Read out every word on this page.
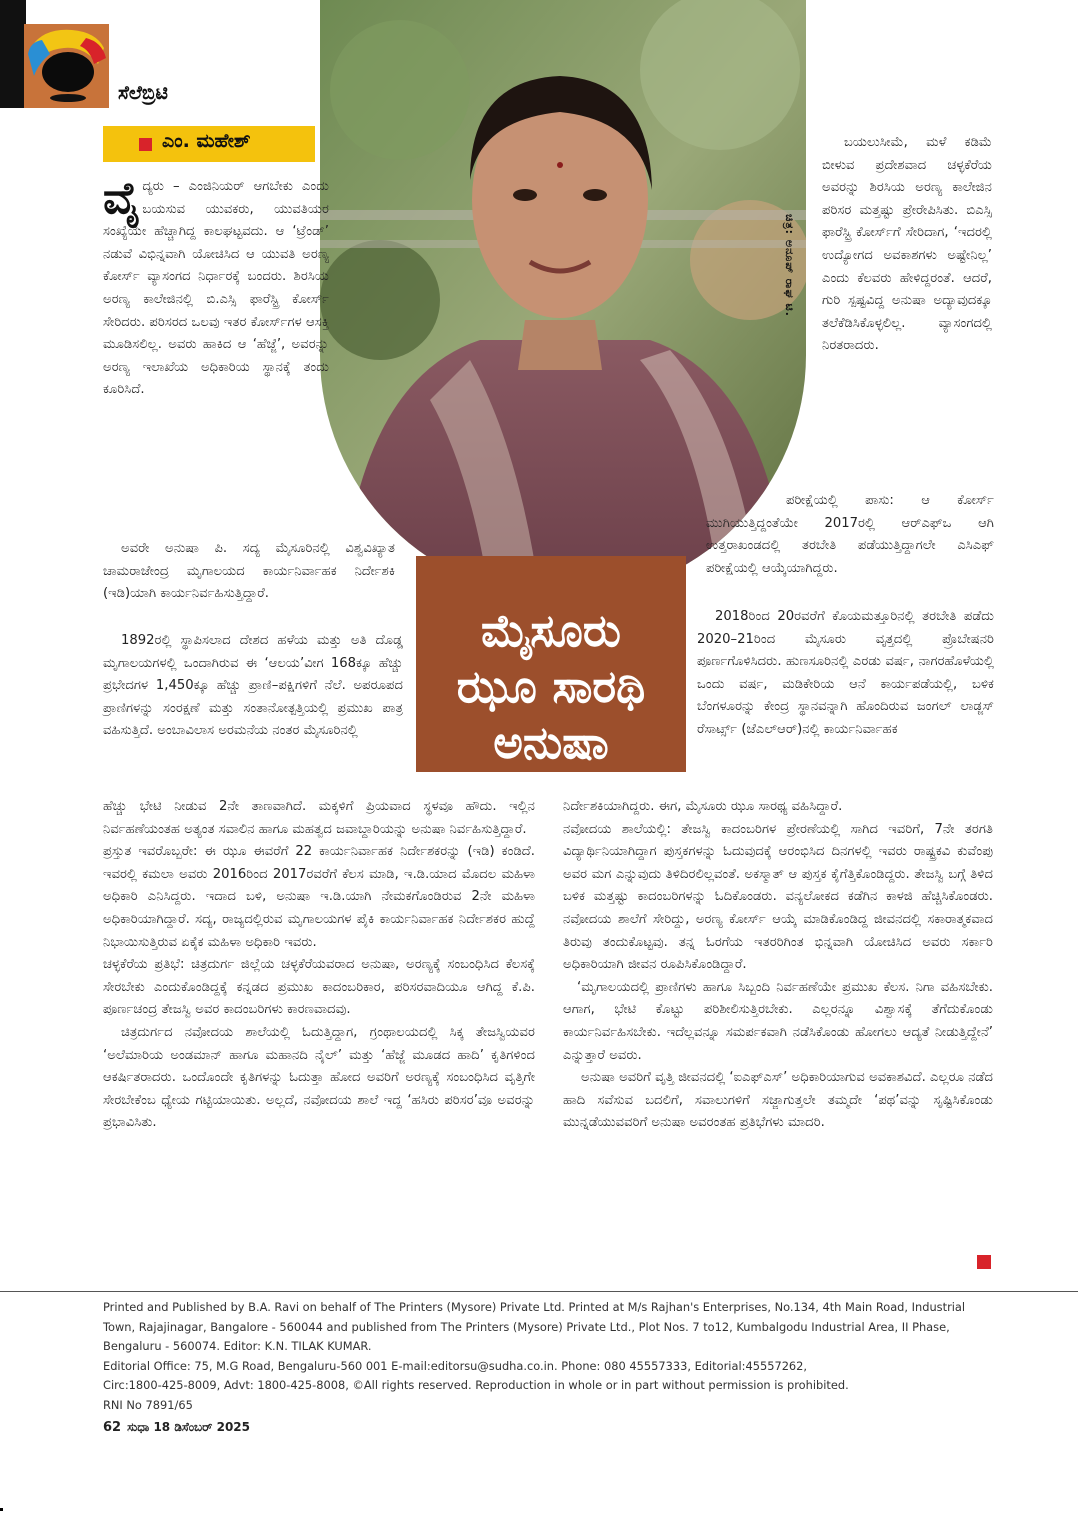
ಸೆಲೆಬ್ರಿಟಿ
ಎಂ. ಮಹೇಶ್
ಚಿತ್ರ: ಅನೂಪ್ ರಾಘ ಟಿ.
ಮೈಸೂರು
ಝೂ ಸಾರಥಿ
ಅನುಷಾ

ವೈದ್ಯರು – ಎಂಜಿನಿಯರ್ ಆಗಬೇಕು ಎಂದು ಬಯಸುವ ಯುವಕರು, ಯುವತಿಯರ ಸಂಖ್ಯೆಯೇ ಹೆಚ್ಚಾಗಿದ್ದ ಕಾಲಘಟ್ಟವದು. ಆ ‘ಟ್ರೆಂಡ್’ ನಡುವೆ ವಿಭಿನ್ನವಾಗಿ ಯೋಚಿಸಿದ ಆ ಯುವತಿ ಅರಣ್ಯ ಕೋರ್ಸ್ ವ್ಯಾಸಂಗದ ನಿರ್ಧಾರಕ್ಕೆ ಬಂದರು. ಶಿರಸಿಯ ಅರಣ್ಯ ಕಾಲೇಜಿನಲ್ಲಿ ಬಿ.ಎಸ್ಸಿ ಫಾರೆಸ್ಟ್ರಿ ಕೋರ್ಸ್ ಸೇರಿದರು. ಪರಿಸರದ ಒಲವು ಇತರ ಕೋರ್ಸ್‌ಗಳ ಆಸಕ್ತಿ ಮೂಡಿಸಲಿಲ್ಲ. ಅವರು ಹಾಕಿದ ಆ ‘ಹೆಜ್ಜೆ’, ಅವರನ್ನು ಅರಣ್ಯ ಇಲಾಖೆಯ ಅಧಿಕಾರಿಯ ಸ್ಥಾನಕ್ಕೆ ತಂದು ಕೂರಿಸಿದೆ.

ಅವರೇ ಅನುಷಾ ಪಿ. ಸದ್ಯ ಮೈಸೂರಿನಲ್ಲಿ ವಿಶ್ವವಿಖ್ಯಾತ ಚಾಮರಾಜೇಂದ್ರ ಮೃಗಾಲಯದ ಕಾರ್ಯನಿರ್ವಾಹಕ ನಿರ್ದೇಶಕಿ (ಇಡಿ)ಯಾಗಿ ಕಾರ್ಯನಿರ್ವಹಿಸುತ್ತಿದ್ದಾರೆ.

1892ರಲ್ಲಿ ಸ್ಥಾಪಿಸಲಾದ ದೇಶದ ಹಳೆಯ ಮತ್ತು ಅತಿ ದೊಡ್ಡ ಮೃಗಾಲಯಗಳಲ್ಲಿ ಒಂದಾಗಿರುವ ಈ ‘ಆಲಯ’ವೀಗ 168ಕ್ಕೂ ಹೆಚ್ಚು ಪ್ರಭೇದಗಳ 1,450ಕ್ಕೂ ಹೆಚ್ಚು ಪ್ರಾಣಿ–ಪಕ್ಷಿಗಳಿಗೆ ನೆಲೆ. ಅಪರೂಪದ ಪ್ರಾಣಿಗಳನ್ನು ಸಂರಕ್ಷಣೆ ಮತ್ತು ಸಂತಾನೋತ್ಪತ್ತಿಯಲ್ಲಿ ಪ್ರಮುಖ ಪಾತ್ರ ವಹಿಸುತ್ತಿದೆ. ಅಂಬಾವಿಲಾಸ ಅರಮನೆಯ ನಂತರ ಮೈಸೂರಿನಲ್ಲಿ

ಹೆಚ್ಚು ಭೇಟಿ ನೀಡುವ 2ನೇ ತಾಣವಾಗಿದೆ. ಮಕ್ಕಳಿಗೆ ಪ್ರಿಯವಾದ ಸ್ಥಳವೂ ಹೌದು. ಇಲ್ಲಿನ ನಿರ್ವಹಣೆಯಂತಹ ಅತ್ಯಂತ ಸವಾಲಿನ ಹಾಗೂ ಮಹತ್ವದ ಜವಾಬ್ದಾರಿಯನ್ನು ಅನುಷಾ ನಿರ್ವಹಿಸುತ್ತಿದ್ದಾರೆ.

ಪ್ರಸ್ತುತ ಇವರೊಬ್ಬರೇ: ಈ ಝೂ ಈವರೆಗೆ 22 ಕಾರ್ಯನಿರ್ವಾಹಕ ನಿರ್ದೇಶಕರನ್ನು (ಇಡಿ) ಕಂಡಿದೆ. ಇವರಲ್ಲಿ ಕಮಲಾ ಅವರು 2016ರಿಂದ 2017ರವರೆಗೆ ಕೆಲಸ ಮಾಡಿ, ಇ.ಡಿ.ಯಾದ ಮೊದಲ ಮಹಿಳಾ ಅಧಿಕಾರಿ ಎನಿಸಿದ್ದರು. ಇದಾದ ಬಳಿ, ಅನುಷಾ ಇ.ಡಿ.ಯಾಗಿ ನೇಮಕಗೊಂಡಿರುವ 2ನೇ ಮಹಿಳಾ ಅಧಿಕಾರಿಯಾಗಿದ್ದಾರೆ. ಸದ್ಯ, ರಾಜ್ಯದಲ್ಲಿರುವ ಮೃಗಾಲಯಗಳ ಪೈಕಿ ಕಾರ್ಯನಿರ್ವಾಹಕ ನಿರ್ದೇಶಕರ ಹುದ್ದೆ ನಿಭಾಯಿಸುತ್ತಿರುವ ಏಕೈಕ ಮಹಿಳಾ ಅಧಿಕಾರಿ ಇವರು.

ಚಳ್ಳಕೆರೆಯ ಪ್ರತಿಭೆ: ಚಿತ್ರದುರ್ಗ ಜಿಲ್ಲೆಯ ಚಳ್ಳಕೆರೆಯವರಾದ ಅನುಷಾ, ಅರಣ್ಯಕ್ಕೆ ಸಂಬಂಧಿಸಿದ ಕೆಲಸಕ್ಕೆ ಸೇರಬೇಕು ಎಂದುಕೊಂಡಿದ್ದಕ್ಕೆ ಕನ್ನಡದ ಪ್ರಮುಖ ಕಾದಂಬರಿಕಾರ, ಪರಿಸರವಾದಿಯೂ ಆಗಿದ್ದ ಕೆ.ಪಿ. ಪೂರ್ಣಚಂದ್ರ ತೇಜಸ್ವಿ ಅವರ ಕಾದಂಬರಿಗಳು ಕಾರಣವಾದವು.

ಚಿತ್ರದುರ್ಗದ ನವೋದಯ ಶಾಲೆಯಲ್ಲಿ ಓದುತ್ತಿದ್ದಾಗ, ಗ್ರಂಥಾಲಯದಲ್ಲಿ ಸಿಕ್ಕ ತೇಜಸ್ವಿಯವರ ‘ಅಲೆಮಾರಿಯ ಅಂಡಮಾನ್ ಹಾಗೂ ಮಹಾನದಿ ನೈಲ್’ ಮತ್ತು ‘ಹೆಜ್ಜೆ ಮೂಡದ ಹಾದಿ’ ಕೃತಿಗಳಿಂದ ಆಕರ್ಷಿತರಾದರು. ಒಂದೊಂದೇ ಕೃತಿಗಳನ್ನು ಓದುತ್ತಾ ಹೋದ ಅವರಿಗೆ ಅರಣ್ಯಕ್ಕೆ ಸಂಬಂಧಿಸಿದ ವೃತ್ತಿಗೇ ಸೇರಬೇಕೆಂಬ ಧ್ಯೇಯ ಗಟ್ಟಿಯಾಯಿತು. ಅಲ್ಲದೆ, ನವೋದಯ ಶಾಲೆ ಇದ್ದ ‘ಹಸಿರು ಪರಿಸರ’ವೂ ಅವರನ್ನು ಪ್ರಭಾವಿಸಿತು.

ಬಯಲುಸೀಮೆ, ಮಳೆ ಕಡಿಮೆ ಬೀಳುವ ಪ್ರದೇಶವಾದ ಚಳ್ಳಕೆರೆಯ ಅವರನ್ನು ಶಿರಸಿಯ ಅರಣ್ಯ ಕಾಲೇಜಿನ ಪರಿಸರ ಮತ್ತಷ್ಟು ಪ್ರೇರೇಪಿಸಿತು. ಬಿಎಸ್ಸಿ ಫಾರೆಸ್ಟ್ರಿ ಕೋರ್ಸ್‌ಗೆ ಸೇರಿದಾಗ, ‘ಇದರಲ್ಲಿ ಉದ್ಯೋಗದ ಅವಕಾಶಗಳು ಅಷ್ಟೇನಿಲ್ಲ’ ಎಂದು ಕೆಲವರು ಹೇಳಿದ್ದರಂತೆ. ಆದರೆ, ಗುರಿ ಸ್ಪಷ್ಟವಿದ್ದ ಅನುಷಾ ಅದ್ಯಾವುದಕ್ಕೂ ತಲೆಕೆಡಿಸಿಕೊಳ್ಳಲಿಲ್ಲ. ವ್ಯಾಸಂಗದಲ್ಲಿ ನಿರತರಾದರು.

ಪರೀಕ್ಷೆಯಲ್ಲಿ ಪಾಸು: ಆ ಕೋರ್ಸ್ ಮುಗಿಯುತ್ತಿದ್ದಂತೆಯೇ 2017ರಲ್ಲಿ ಆರ್‌ಎಫ್‌ಒ ಆಗಿ ಉತ್ತರಾಖಂಡದಲ್ಲಿ ತರಬೇತಿ ಪಡೆಯುತ್ತಿದ್ದಾಗಲೇ ಎಸಿಎಫ್ ಪರೀಕ್ಷೆಯಲ್ಲಿ ಆಯ್ಕೆಯಾಗಿದ್ದರು.

2018ರಿಂದ 20ರವರೆಗೆ ಕೊಯಮತ್ತೂರಿನಲ್ಲಿ ತರಬೇತಿ ಪಡೆದು 2020–21ರಿಂದ ಮೈಸೂರು ವೃತ್ತದಲ್ಲಿ ಪ್ರೊಬೇಷನರಿ ಪೂರ್ಣಗೊಳಿಸಿದರು. ಹುಣಸೂರಿನಲ್ಲಿ ಎರಡು ವರ್ಷ, ನಾಗರಹೊಳೆಯಲ್ಲಿ ಒಂದು ವರ್ಷ, ಮಡಿಕೇರಿಯ ಆನೆ ಕಾರ್ಯಪಡೆಯಲ್ಲಿ, ಬಳಿಕ ಬೆಂಗಳೂರನ್ನು ಕೇಂದ್ರ ಸ್ಥಾನವನ್ನಾಗಿ ಹೊಂದಿರುವ ಜಂಗಲ್ ಲಾಡ್ಜಸ್ ರೆಸಾರ್ಟ್ಸ್ (ಜೆಎಲ್‌ಆರ್)ನಲ್ಲಿ ಕಾರ್ಯನಿರ್ವಾಹಕ

ನಿರ್ದೇಶಕಿಯಾಗಿದ್ದರು. ಈಗ, ಮೈಸೂರು ಝೂ ಸಾರಥ್ಯ ವಹಿಸಿದ್ದಾರೆ.

ನವೋದಯ ಶಾಲೆಯಲ್ಲಿ: ತೇಜಸ್ವಿ ಕಾದಂಬರಿಗಳ ಪ್ರೇರಣೆಯಲ್ಲಿ ಸಾಗಿದ ಇವರಿಗೆ, 7ನೇ ತರಗತಿ ವಿದ್ಯಾರ್ಥಿನಿಯಾಗಿದ್ದಾಗ ಪುಸ್ತಕಗಳನ್ನು ಓದುವುದಕ್ಕೆ ಆರಂಭಿಸಿದ ದಿನಗಳಲ್ಲಿ ಇವರು ರಾಷ್ಟ್ರಕವಿ ಕುವೆಂಪು ಅವರ ಮಗ ಎನ್ನುವುದು ತಿಳಿದಿರಲಿಲ್ಲವಂತೆ. ಅಕಸ್ಮಾತ್ ಆ ಪುಸ್ತಕ ಕೈಗೆತ್ತಿಕೊಂಡಿದ್ದರು. ತೇಜಸ್ವಿ ಬಗ್ಗೆ ತಿಳಿದ ಬಳಿಕ ಮತ್ತಷ್ಟು ಕಾದಂಬರಿಗಳನ್ನು ಓದಿಕೊಂಡರು. ವನ್ಯಲೋಕದ ಕಡೆಗಿನ ಕಾಳಜಿ ಹೆಚ್ಚಿಸಿಕೊಂಡರು. ನವೋದಯ ಶಾಲೆಗೆ ಸೇರಿದ್ದು, ಅರಣ್ಯ ಕೋರ್ಸ್ ಆಯ್ಕೆ ಮಾಡಿಕೊಂಡಿದ್ದ ಜೀವನದಲ್ಲಿ ಸಕಾರಾತ್ಮಕವಾದ ತಿರುವು ತಂದುಕೊಟ್ಟವು. ತನ್ನ ಓರಗೆಯ ಇತರರಿಗಿಂತ ಭಿನ್ನವಾಗಿ ಯೋಚಿಸಿದ ಅವರು ಸರ್ಕಾರಿ ಅಧಿಕಾರಿಯಾಗಿ ಜೀವನ ರೂಪಿಸಿಕೊಂಡಿದ್ದಾರೆ.

‘ಮೃಗಾಲಯದಲ್ಲಿ ಪ್ರಾಣಿಗಳು ಹಾಗೂ ಸಿಬ್ಬಂದಿ ನಿರ್ವಹಣೆಯೇ ಪ್ರಮುಖ ಕೆಲಸ. ನಿಗಾ ವಹಿಸಬೇಕು. ಆಗಾಗ, ಭೇಟಿ ಕೊಟ್ಟು ಪರಿಶೀಲಿಸುತ್ತಿರಬೇಕು. ಎಲ್ಲರನ್ನೂ ವಿಶ್ವಾಸಕ್ಕೆ ತೆಗೆದುಕೊಂಡು ಕಾರ್ಯನಿರ್ವಹಿಸಬೇಕು. ಇದೆಲ್ಲವನ್ನೂ ಸಮರ್ಪಕವಾಗಿ ನಡೆಸಿಕೊಂಡು ಹೋಗಲು ಆದ್ಯತೆ ನೀಡುತ್ತಿದ್ದೇನೆ’ ಎನ್ನುತ್ತಾರೆ ಅವರು.

ಅನುಷಾ ಅವರಿಗೆ ವೃತ್ತಿ ಜೀವನದಲ್ಲಿ ‘ಐಎಫ್‌ಎಸ್’ ಅಧಿಕಾರಿಯಾಗುವ ಅವಕಾಶವಿದೆ. ಎಲ್ಲರೂ ನಡೆದ ಹಾದಿ ಸವೆಸುವ ಬದಲಿಗೆ, ಸವಾಲುಗಳಿಗೆ ಸಜ್ಜಾಗುತ್ತಲೇ ತಮ್ಮದೇ ‘ಪಥ’ವನ್ನು ಸೃಷ್ಟಿಸಿಕೊಂಡು ಮುನ್ನಡೆಯುವವರಿಗೆ ಅನುಷಾ ಅವರಂತಹ ಪ್ರತಿಭೆಗಳು ಮಾದರಿ.

Printed and Published by B.A. Ravi on behalf of The Printers (Mysore) Private Ltd. Printed at M/s Rajhan's Enterprises, No.134, 4th Main Road, Industrial Town, Rajajinagar, Bangalore - 560044 and published from The Printers (Mysore) Private Ltd., Plot Nos. 7 to12, Kumbalgodu Industrial Area, II Phase, Bengaluru - 560074. Editor: K.N. TILAK KUMAR.

Editorial Office: 75, M.G Road, Bengaluru-560 001 E-mail:editorsu@sudha.co.in. Phone: 080 45557333, Editorial:45557262,

Circ:1800-425-8009, Advt: 1800-425-8008, ©All rights reserved. Reproduction in whole or in part without permission is prohibited.

RNI No 7891/65

62 ಸುಧಾ 18 ಡಿಸೆಂಬರ್ 2025
